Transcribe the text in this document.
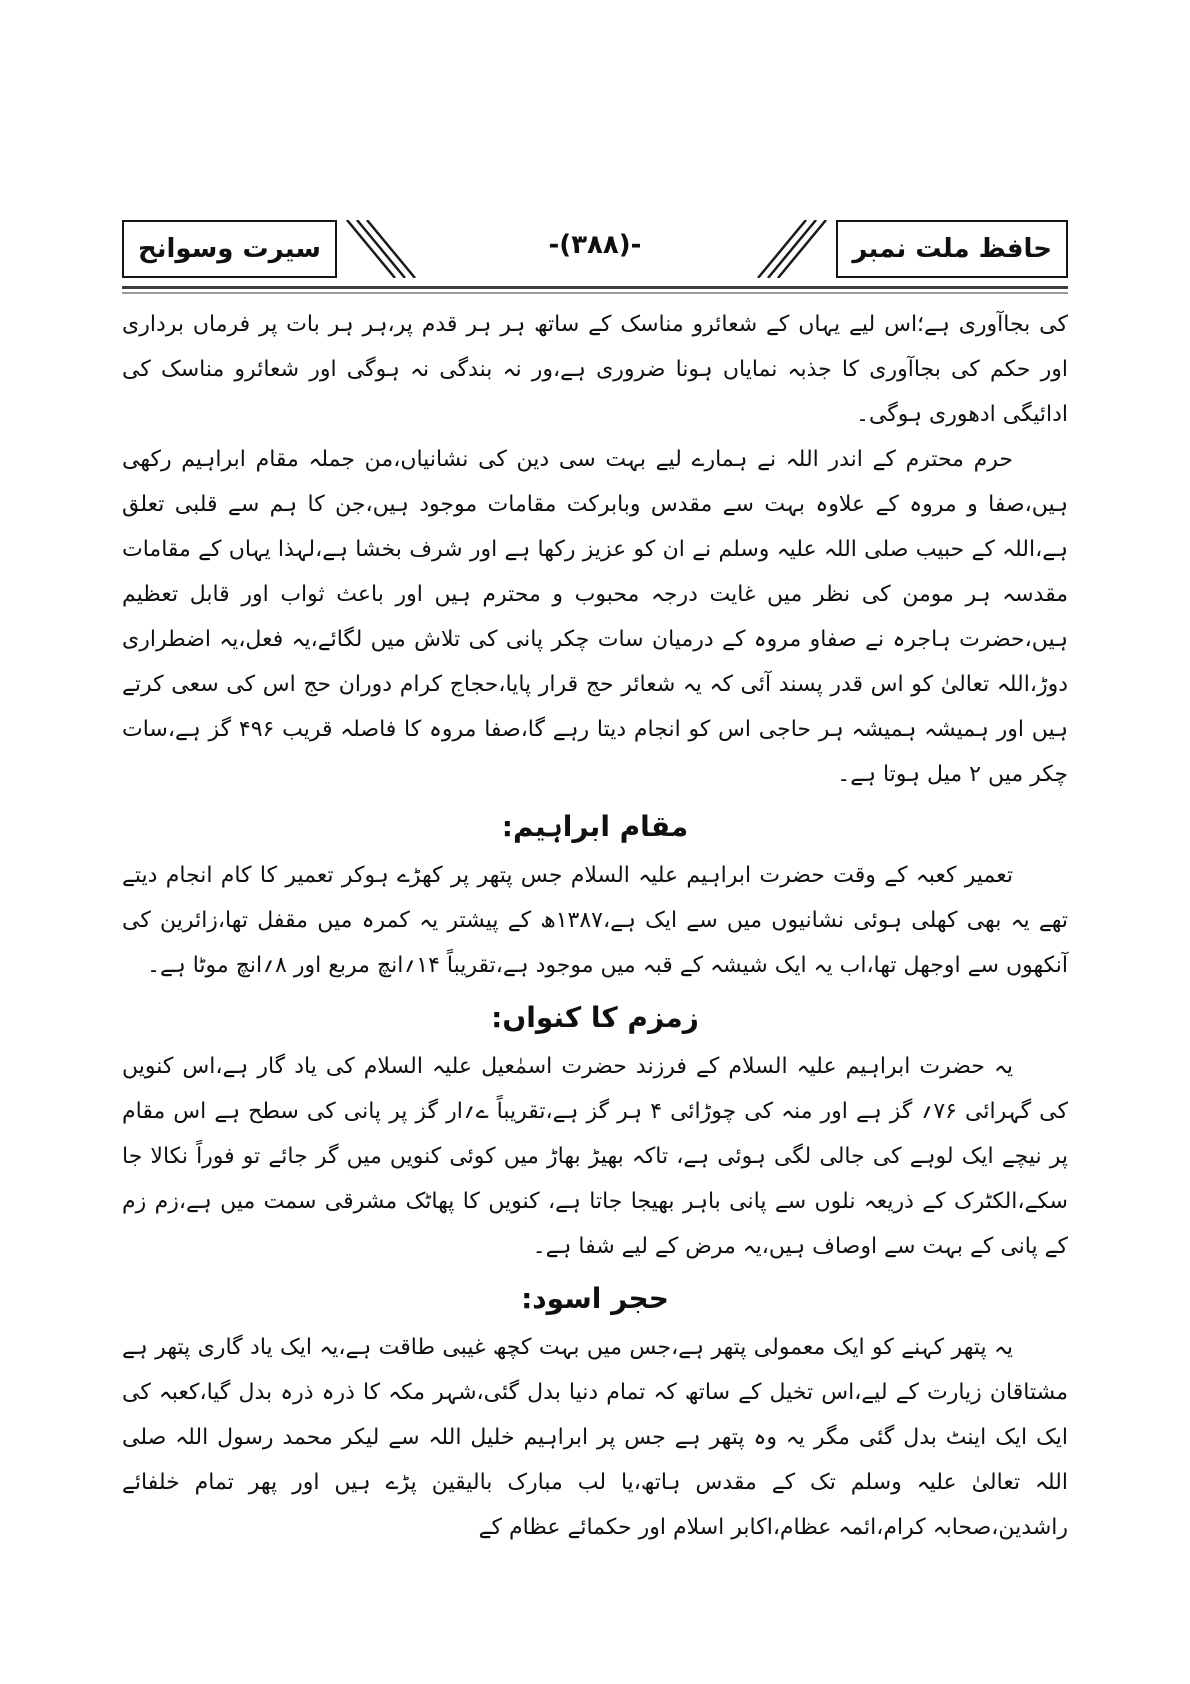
حافظ ملت نمبر
-(۳۸۸)-
سیرت وسوانح

کی بجاآوری ہے؛اس لیے یہاں کے شعائرو مناسک کے ساتھ ہر ہر قدم پر،ہر ہر بات پر فرماں برداری اور حکم کی بجاآوری کا جذبہ نمایاں ہونا ضروری ہے،ور نہ بندگی نہ ہوگی اور شعائرو مناسک کی ادائیگی ادھوری ہوگی۔

حرم محترم کے اندر اللہ نے ہمارے لیے بہت سی دین کی نشانیاں،من جملہ مقام ابراہیم رکھی ہیں،صفا و مروہ کے علاوہ بہت سے مقدس وبابرکت مقامات موجود ہیں،جن کا ہم سے قلبی تعلق ہے،اللہ کے حبیب صلی اللہ علیہ وسلم نے ان کو عزیز رکھا ہے اور شرف بخشا ہے،لہذا یہاں کے مقامات مقدسہ ہر مومن کی نظر میں غایت درجہ محبوب و محترم ہیں اور باعث ثواب اور قابل تعظیم ہیں،حضرت ہاجرہ نے صفاو مروہ کے درمیان سات چکر پانی کی تلاش میں لگائے،یہ فعل،یہ اضطراری دوڑ،اللہ تعالیٰ کو اس قدر پسند آئی کہ یہ شعائر حج قرار پایا،حجاج کرام دوران حج اس کی سعی کرتے ہیں اور ہمیشہ ہمیشہ ہر حاجی اس کو انجام دیتا رہے گا،صفا مروہ کا فاصلہ قریب ۴۹۶ گز ہے،سات چکر میں ۲ میل ہوتا ہے۔

مقام ابراہیم:

تعمیر کعبہ کے وقت حضرت ابراہیم علیہ السلام جس پتھر پر کھڑے ہوکر تعمیر کا کام انجام دیتے تھے یہ بھی کھلی ہوئی نشانیوں میں سے ایک ہے،۱۳۸۷ھ کے پیشتر یہ کمرہ میں مقفل تھا،زائرین کی آنکھوں سے اوجھل تھا،اب یہ ایک شیشہ کے قبہ میں موجود ہے،تقریباً ۱۴؍انچ مربع اور ۸؍انچ موٹا ہے۔

زمزم کا کنواں:

یہ حضرت ابراہیم علیہ السلام کے فرزند حضرت اسمٰعیل علیہ السلام کی یاد گار ہے،اس کنویں کی گہرائی ۷۶؍ گز ہے اور منہ کی چوڑائی ۴ ہر گز ہے،تقریباً ے؍ار گز پر پانی کی سطح ہے اس مقام پر نیچے ایک لوہے کی جالی لگی ہوئی ہے، تاکہ بھیڑ بھاڑ میں کوئی کنویں میں گر جائے تو فوراً نکالا جا سکے،الکٹرک کے ذریعہ نلوں سے پانی باہر بھیجا جاتا ہے، کنویں کا پھاٹک مشرقی سمت میں ہے،زم زم کے پانی کے بہت سے اوصاف ہیں،یہ مرض کے لیے شفا ہے۔

حجر اسود:

یہ پتھر کہنے کو ایک معمولی پتھر ہے،جس میں بہت کچھ غیبی طاقت ہے،یہ ایک یاد گاری پتھر ہے مشتاقان زیارت کے لیے،اس تخیل کے ساتھ کہ تمام دنیا بدل گئی،شہر مکہ کا ذرہ ذرہ بدل گیا،کعبہ کی ایک ایک اینٹ بدل گئی مگر یہ وہ پتھر ہے جس پر ابراہیم خلیل اللہ سے لیکر محمد رسول اللہ صلی اللہ تعالیٰ علیہ وسلم تک کے مقدس ہاتھ،یا لب مبارک بالیقین پڑے ہیں اور پھر تمام خلفائے راشدین،صحابہ کرام،ائمہ عظام،اکابر اسلام اور حکمائے عظام کے
